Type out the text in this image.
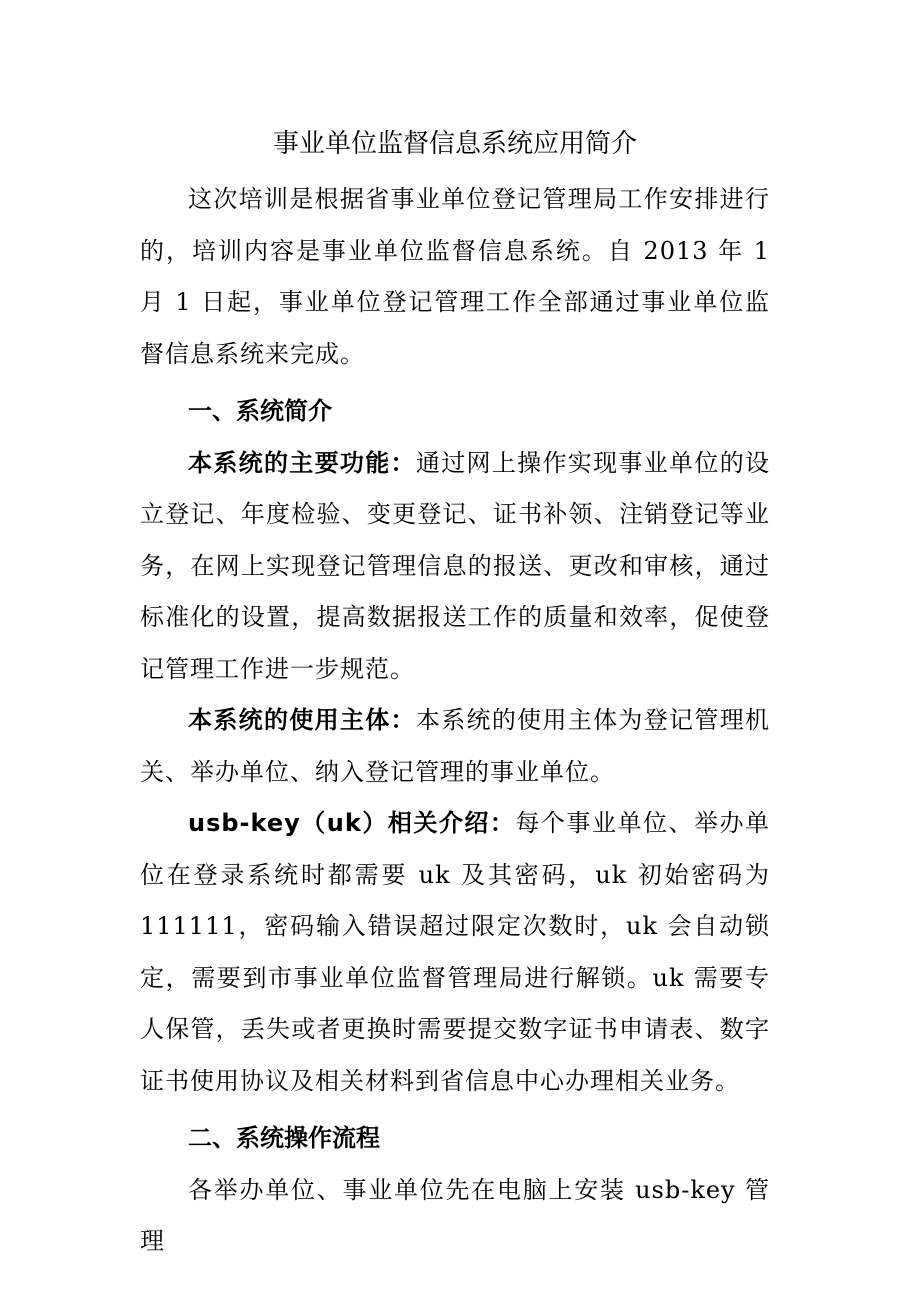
事业单位监督信息系统应用简介

这次培训是根据省事业单位登记管理局工作安排进行的，培训内容是事业单位监督信息系统。自 2013 年 1 月 1 日起，事业单位登记管理工作全部通过事业单位监督信息系统来完成。

一、系统简介

本系统的主要功能：通过网上操作实现事业单位的设立登记、年度检验、变更登记、证书补领、注销登记等业务，在网上实现登记管理信息的报送、更改和审核，通过标准化的设置，提高数据报送工作的质量和效率，促使登记管理工作进一步规范。

本系统的使用主体：本系统的使用主体为登记管理机关、举办单位、纳入登记管理的事业单位。

usb-key（uk）相关介绍：每个事业单位、举办单位在登录系统时都需要 uk 及其密码，uk 初始密码为 111111，密码输入错误超过限定次数时，uk 会自动锁定，需要到市事业单位监督管理局进行解锁。uk 需要专人保管，丢失或者更换时需要提交数字证书申请表、数字证书使用协议及相关材料到省信息中心办理相关业务。

二、系统操作流程

各举办单位、事业单位先在电脑上安装 usb-key 管理
